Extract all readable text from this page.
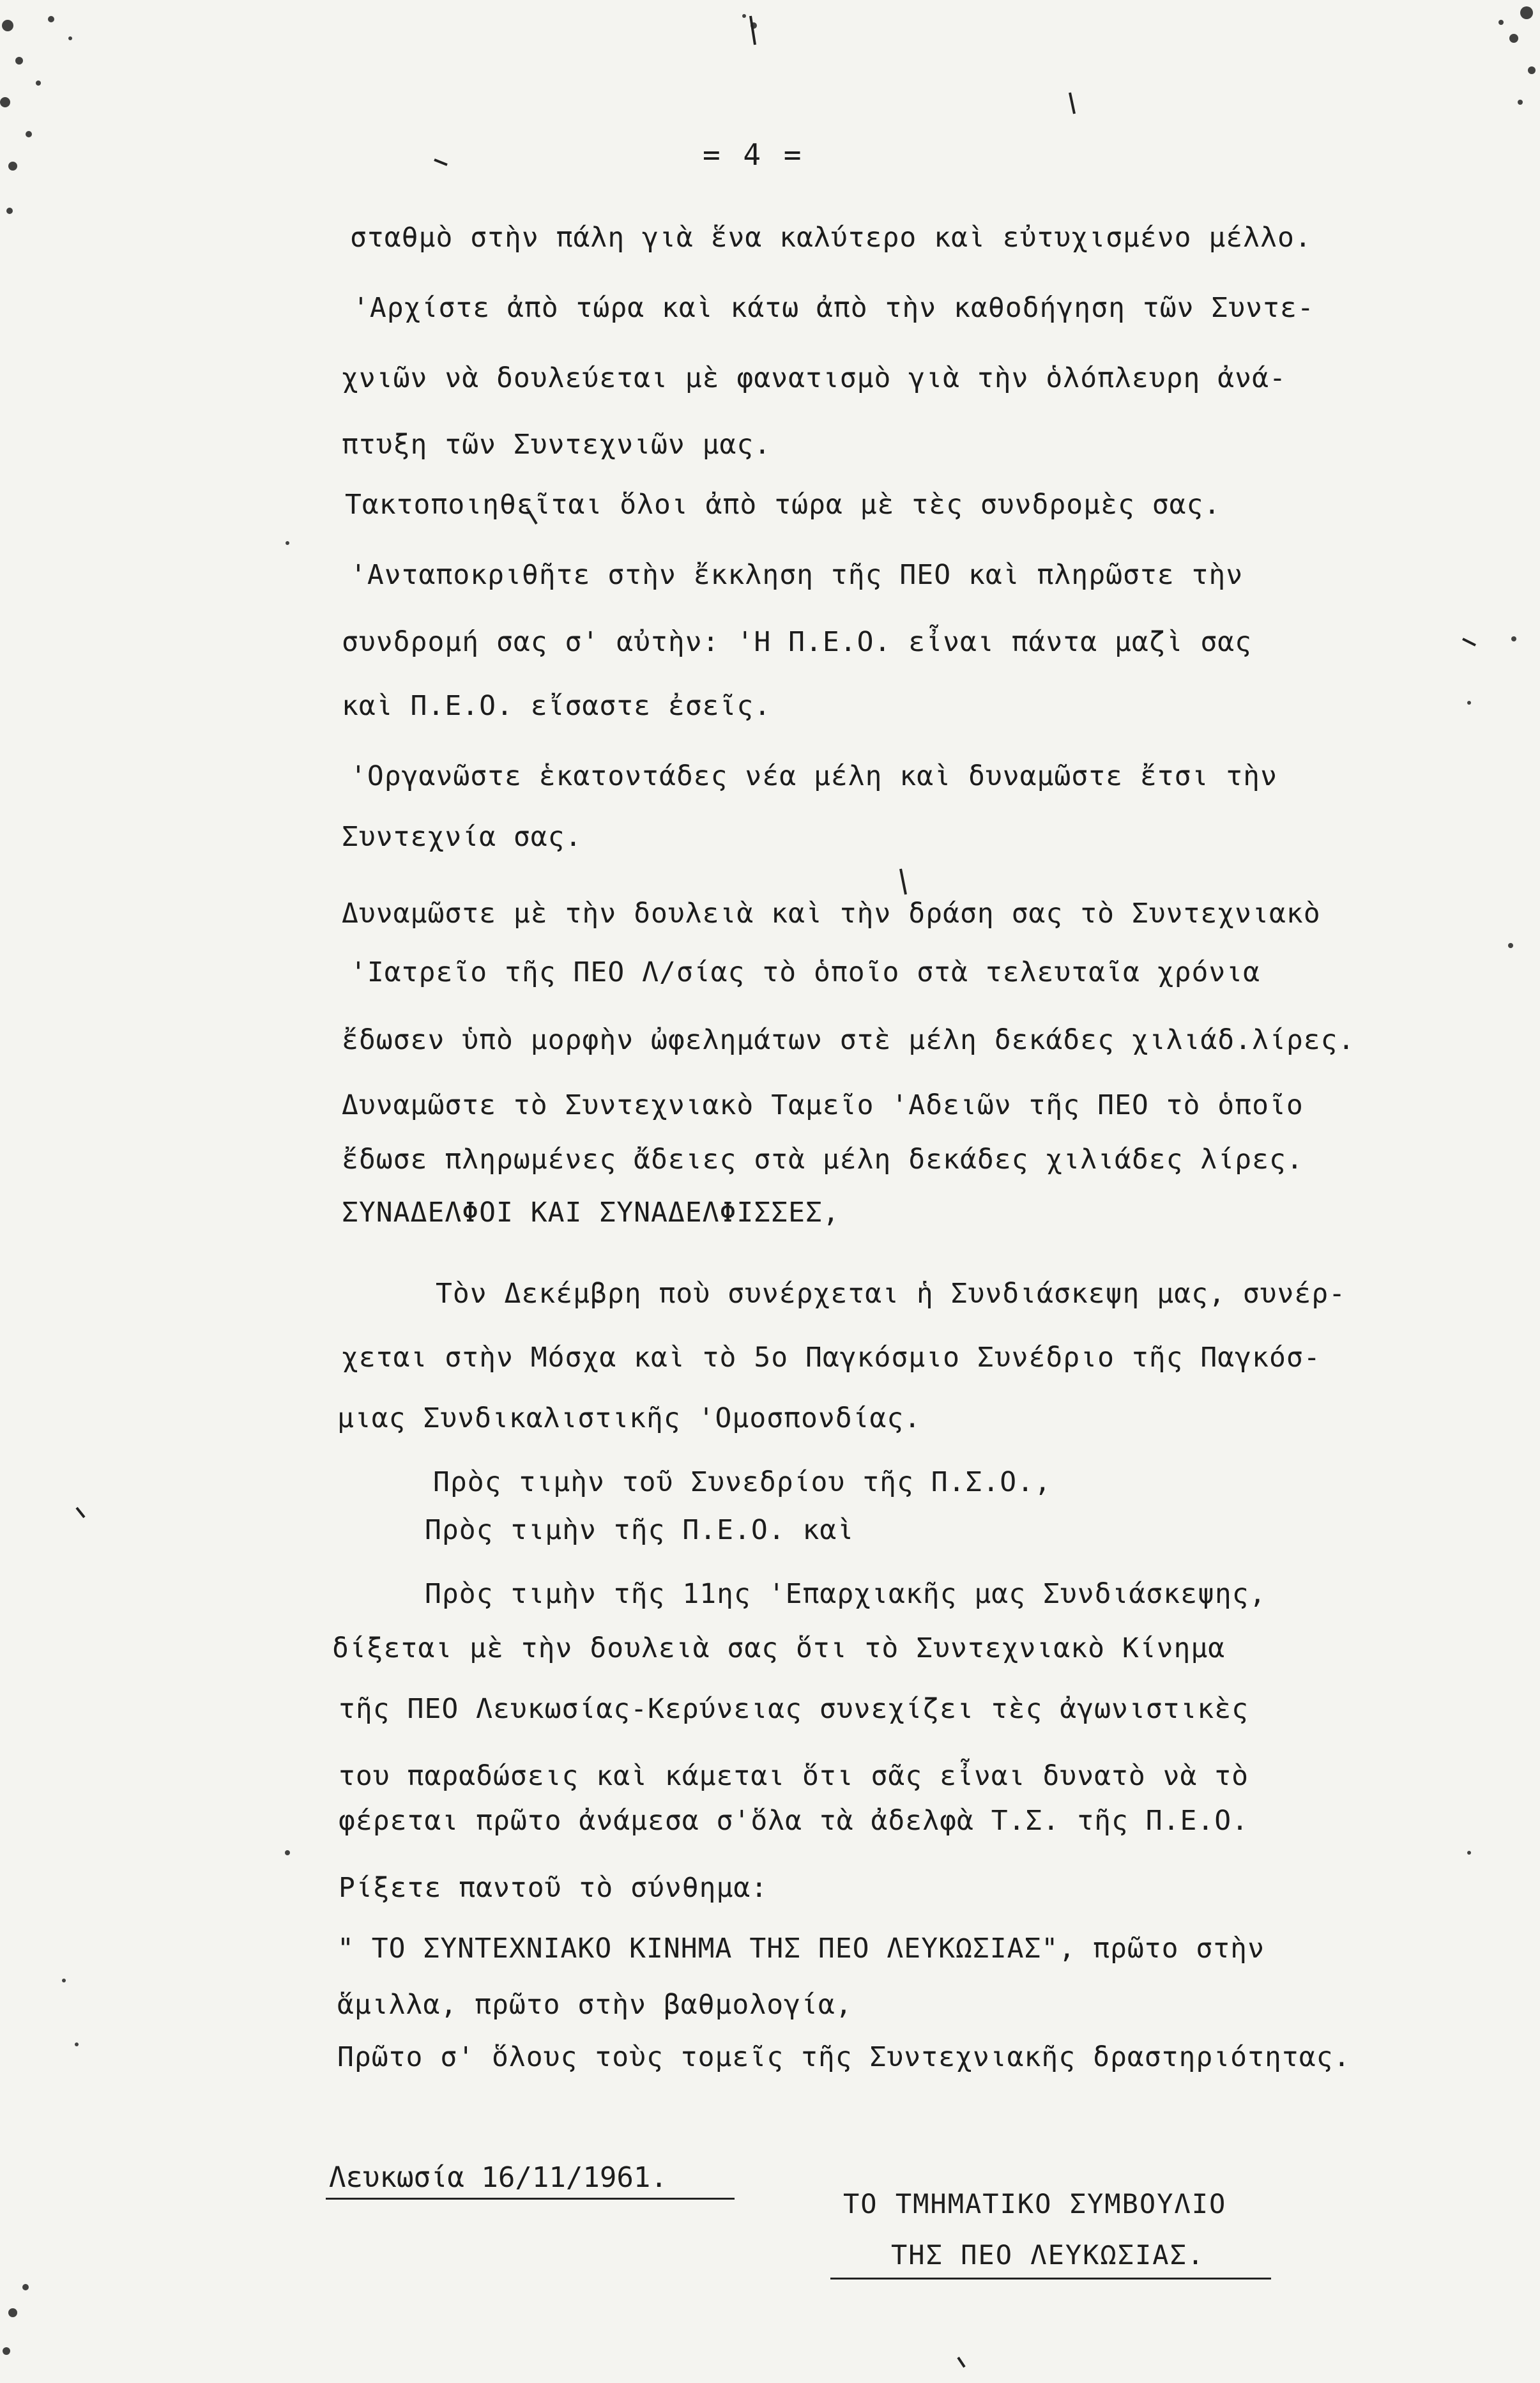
= 4 =
σταθμὸ στὴν πάλη γιὰ ἕνα καλύτερο καὶ εὐτυχισμένο μέλλο.
'Αρχίστε ἀπὸ τώρα καὶ κάτω ἀπὸ τὴν καθοδήγηση τῶν Συντε-
χνιῶν νὰ δουλεύεται μὲ φανατισμὸ γιὰ τὴν ὁλόπλευρη ἀνά-
πτυξη τῶν Συντεχνιῶν μας.
Τακτοποιηθεῖται ὅλοι ἀπὸ τώρα μὲ τὲς συνδρομὲς σας.
'Ανταποκριθῆτε στὴν ἔκκληση τῆς ΠΕΟ καὶ πληρῶστε τὴν
συνδρομή σας σ' αὐτὴν: 'Η Π.Ε.Ο. εἶναι πάντα μαζὶ σας
καὶ Π.Ε.Ο. εἴσαστε ἐσεῖς.
'Οργανῶστε ἑκατοντάδες νέα μέλη καὶ δυναμῶστε ἔτσι τὴν
Συντεχνία σας.
Δυναμῶστε μὲ τὴν δουλειὰ καὶ τὴν δράση σας τὸ Συντεχνιακὸ
'Ιατρεῖο τῆς ΠΕΟ Λ/σίας τὸ ὁποῖο στὰ τελευταῖα χρόνια
ἔδωσεν ὑπὸ μορφὴν ὠφελημάτων στὲ μέλη δεκάδες χιλιάδ.λίρες.
Δυναμῶστε τὸ Συντεχνιακὸ Ταμεῖο 'Αδειῶν τῆς ΠΕΟ τὸ ὁποῖο
ἔδωσε πληρωμένες ἄδειες στὰ μέλη δεκάδες χιλιάδες λίρες.
ΣΥΝΑΔΕΛΦΟΙ ΚΑΙ ΣΥΝΑΔΕΛΦΙΣΣΕΣ,
Τὸν Δεκέμβρη ποὺ συνέρχεται ἡ Συνδιάσκεψη μας, συνέρ-
χεται στὴν Μόσχα καὶ τὸ 5ο Παγκόσμιο Συνέδριο τῆς Παγκόσ-
μιας Συνδικαλιστικῆς 'Ομοσπονδίας.
Πρὸς τιμὴν τοῦ Συνεδρίου τῆς Π.Σ.Ο.,
Πρὸς τιμὴν τῆς Π.Ε.Ο. καὶ
Πρὸς τιμὴν τῆς 11ης 'Επαρχιακῆς μας Συνδιάσκεψης,
δίξεται μὲ τὴν δουλειὰ σας ὅτι τὸ Συντεχνιακὸ Κίνημα
τῆς ΠΕΟ Λευκωσίας-Κερύνειας συνεχίζει τὲς ἀγωνιστικὲς
του παραδώσεις καὶ κάμεται ὅτι σᾶς εἶναι δυνατὸ νὰ τὸ
φέρεται πρῶτο ἀνάμεσα σ'ὅλα τὰ ἀδελφὰ Τ.Σ. τῆς Π.Ε.Ο.
Ρίξετε παντοῦ τὸ σύνθημα:
" ΤΟ ΣΥΝΤΕΧΝΙΑΚΟ ΚΙΝΗΜΑ ΤΗΣ ΠΕΟ ΛΕΥΚΩΣΙΑΣ", πρῶτο στὴν
ἅμιλλα, πρῶτο στὴν βαθμολογία,
Πρῶτο σ' ὅλους τοὺς τομεῖς τῆς Συντεχνιακῆς δραστηριότητας.
Λευκωσία 16/11/1961.
ΤΟ ΤΜΗΜΑΤΙΚΟ ΣΥΜΒΟΥΛΙΟ
ΤΗΣ ΠΕΟ ΛΕΥΚΩΣΙΑΣ.
